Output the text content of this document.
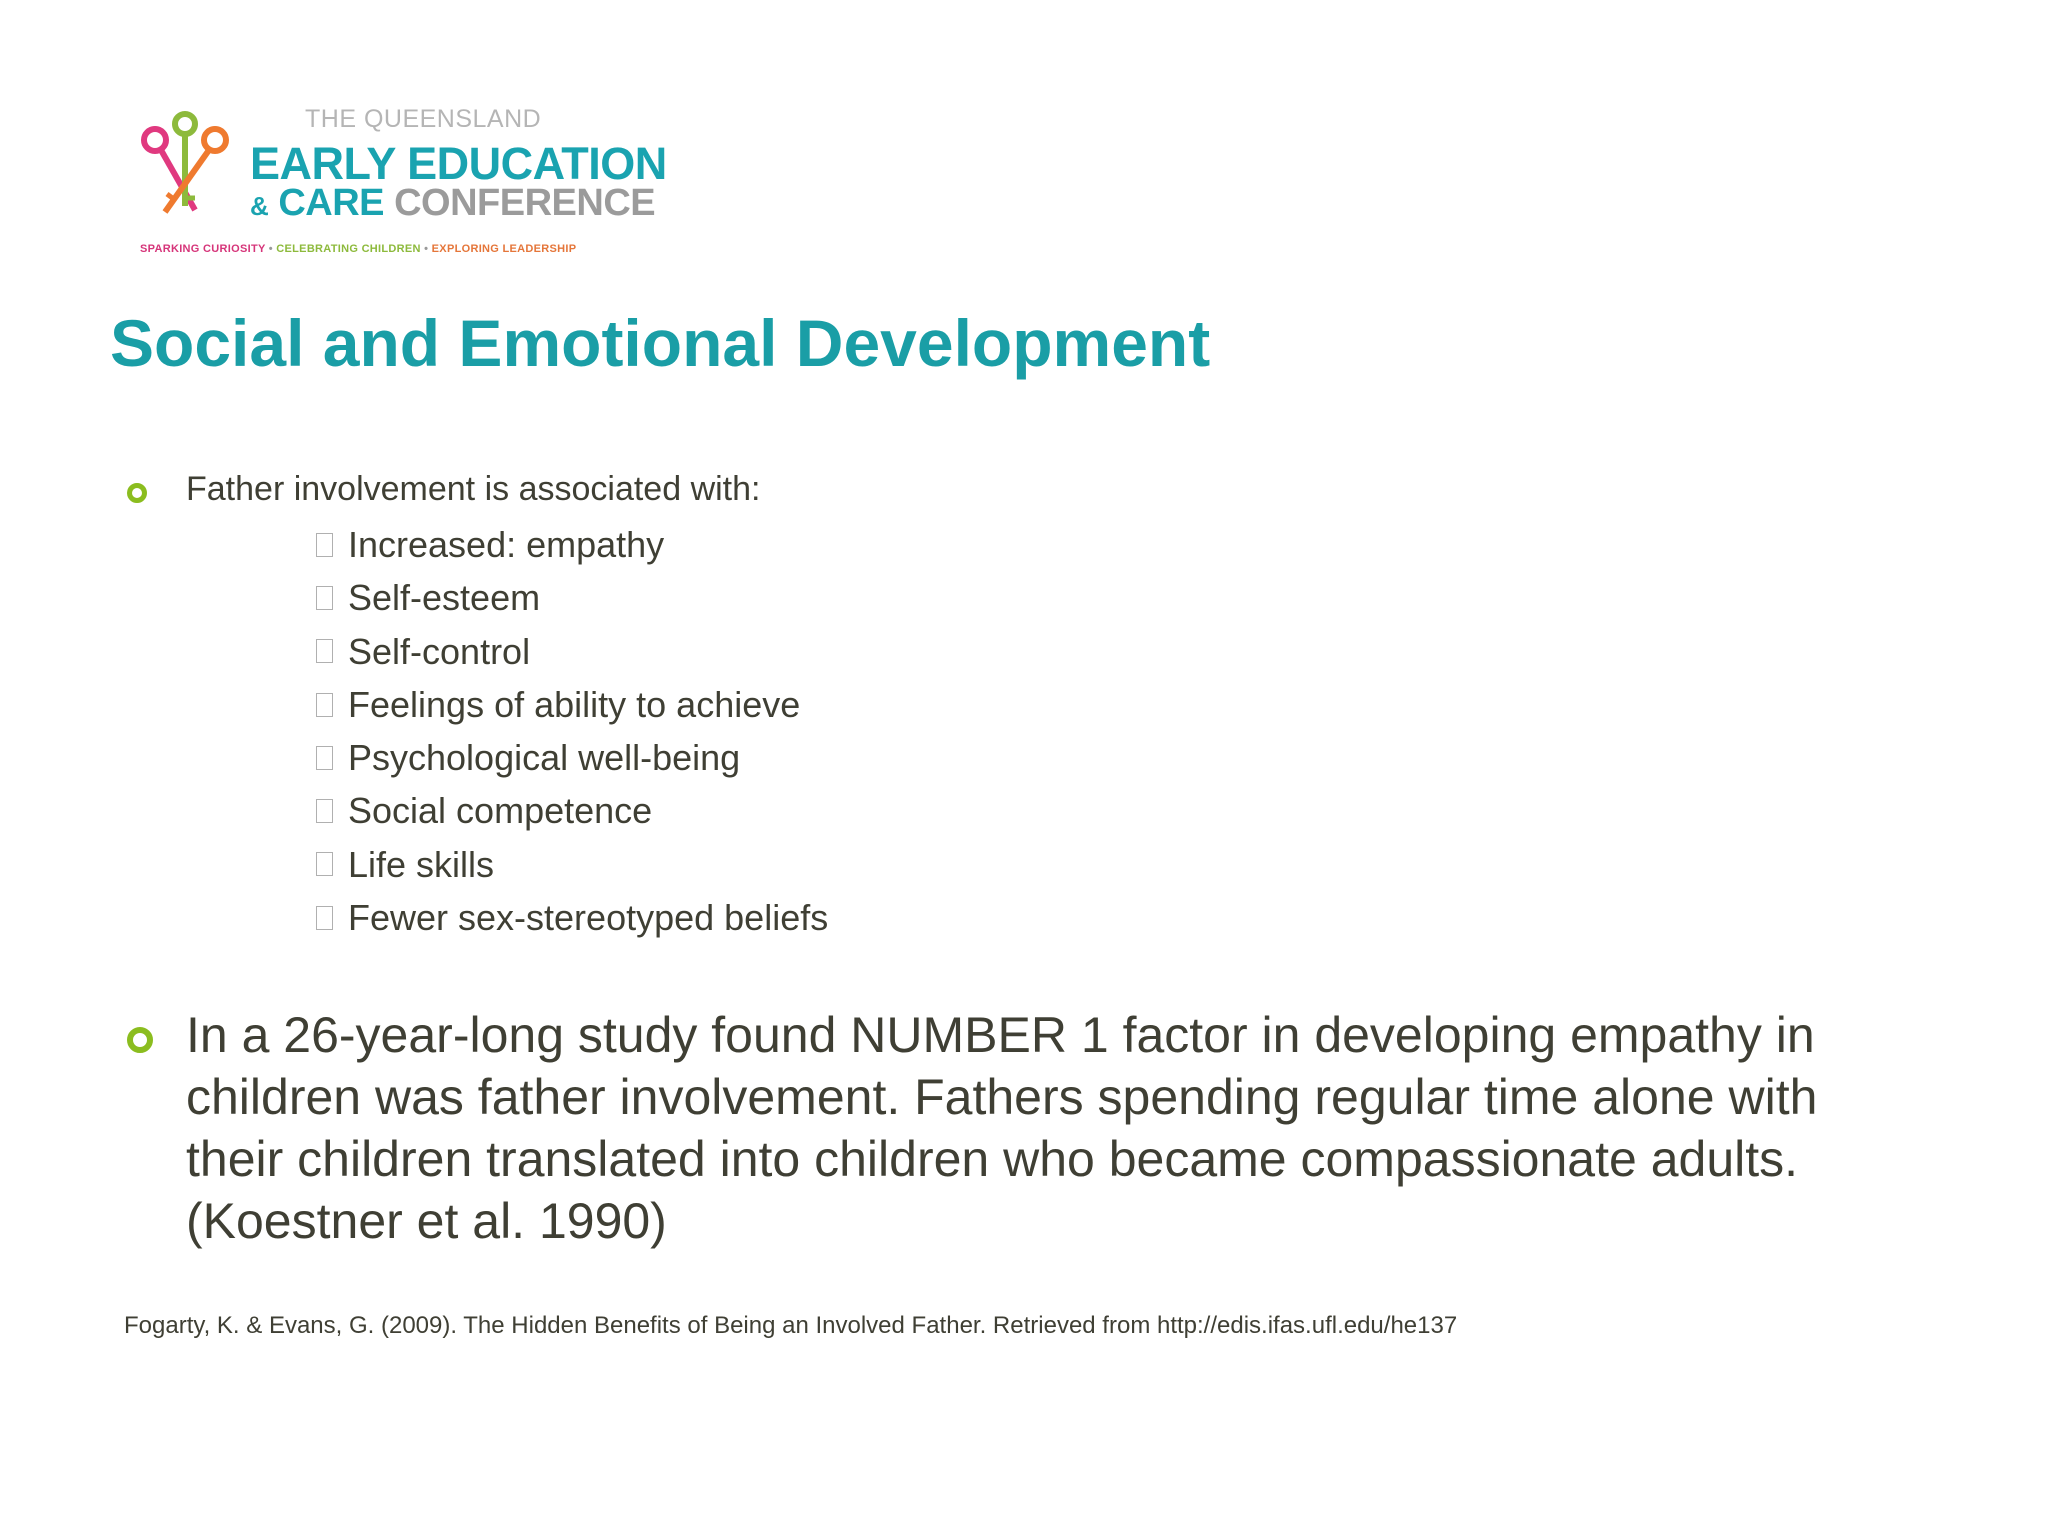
THE QUEENSLAND
EARLY EDUCATION
& CARE CONFERENCE
SPARKING CURIOSITY • CELEBRATING CHILDREN • EXPLORING LEADERSHIP
Social and Emotional Development
Father involvement is associated with:
Increased: empathy
Self-esteem
Self-control
Feelings of ability to achieve
Psychological well-being
Social competence
Life skills
Fewer sex-stereotyped beliefs
In a 26-year-long study found NUMBER 1 factor in developing empathy in children was father involvement. Fathers spending regular time alone with their children translated into children who became compassionate adults.(Koestner et al. 1990)
Fogarty, K. & Evans, G. (2009). The Hidden Benefits of Being an Involved Father. Retrieved from http://edis.ifas.ufl.edu/he137
